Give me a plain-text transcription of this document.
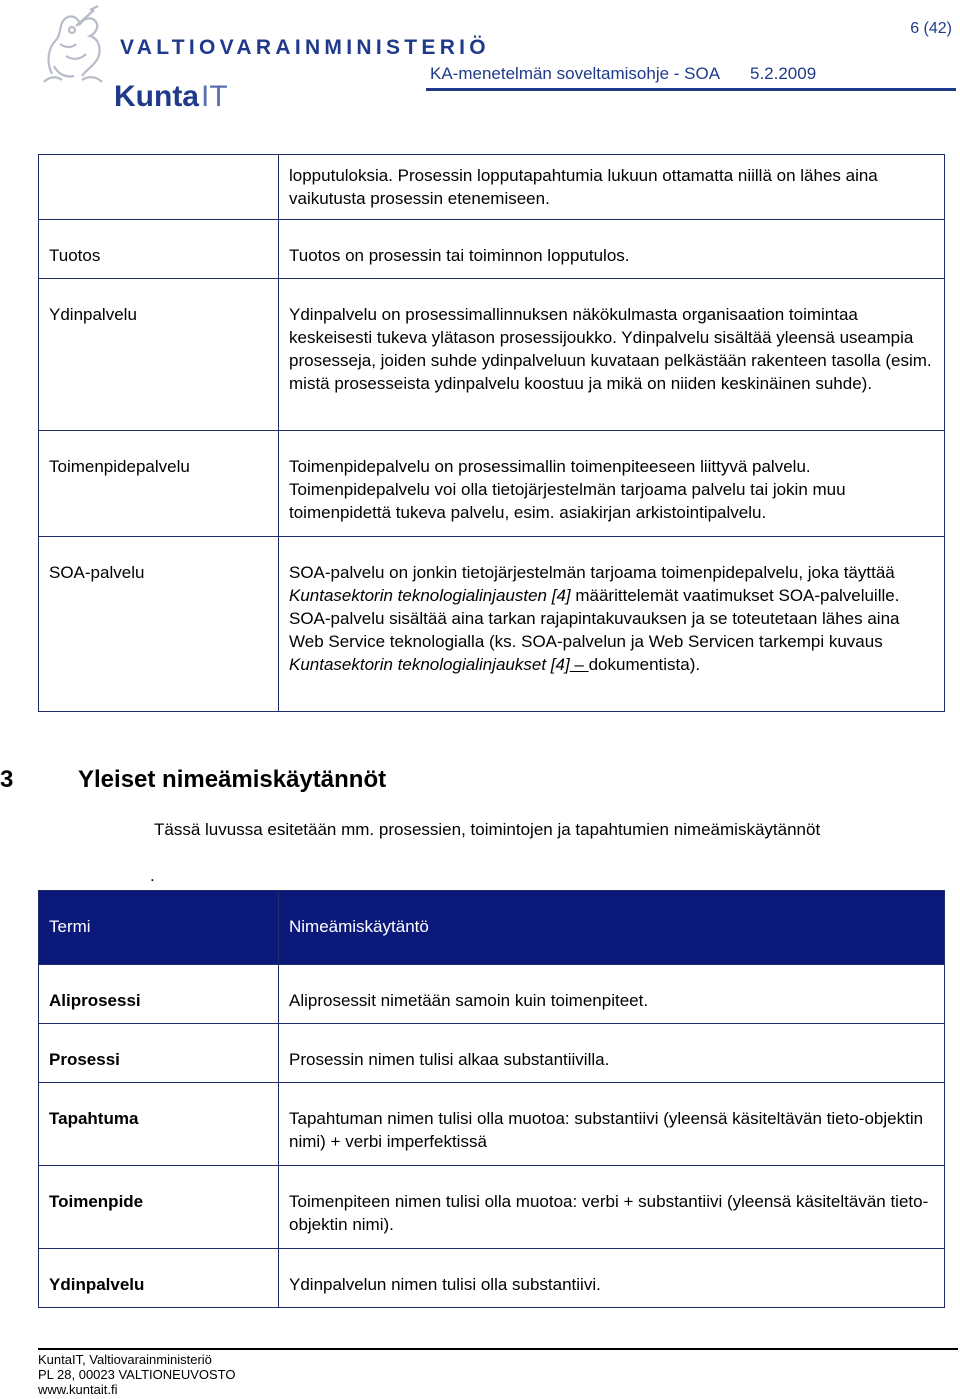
VALTIOVARAINMINISTERIÖ
KuntaIT
6 (42)
KA-menetelmän soveltamisohje - SOA 5.2.2009
	lopputuloksia. Prosessin lopputapahtumia lukuun ottamatta niillä on lähes aina vaikutusta prosessin etenemiseen.
Tuotos	Tuotos on prosessin tai toiminnon lopputulos.
Ydinpalvelu	Ydinpalvelu on prosessimallinnuksen näkökulmasta organisaation toimintaa keskeisesti tukeva ylätason prosessijoukko. Ydinpalvelu sisältää yleensä useampia prosesseja, joiden suhde ydinpalveluun kuvataan pelkästään rakenteen tasolla (esim. mistä prosesseista ydinpalvelu koostuu ja mikä on niiden keskinäinen suhde).
Toimenpidepalvelu	Toimenpidepalvelu on prosessimallin toimenpiteeseen liittyvä palvelu. Toimenpidepalvelu voi olla tietojärjestelmän tarjoama palvelu tai jokin muu toimenpidettä tukeva palvelu, esim. asiakirjan arkistointipalvelu.
SOA-palvelu	SOA-palvelu on jonkin tietojärjestelmän tarjoama toimenpidepalvelu, joka täyttää Kuntasektorin teknologialinjausten [4] määrittelemät vaatimukset SOA-palveluille. SOA-palvelu sisältää aina tarkan rajapintakuvauksen ja se toteutetaan lähes aina Web Service teknologialla (ks. SOA-palvelun ja Web Servicen tarkempi kuvaus Kuntasektorin teknologialinjaukset [4] – dokumentista).
3	Yleiset nimeämiskäytännöt
Tässä luvussa esitetään mm. prosessien, toimintojen ja tapahtumien nimeämiskäytännöt
.
Termi	Nimeämiskäytäntö
Aliprosessi	Aliprosessit nimetään samoin kuin toimenpiteet.
Prosessi	Prosessin nimen tulisi alkaa substantiivilla.
Tapahtuma	Tapahtuman nimen tulisi olla muotoa: substantiivi (yleensä käsiteltävän tieto-objektin nimi) + verbi imperfektissä
Toimenpide	Toimenpiteen nimen tulisi olla muotoa: verbi + substantiivi (yleensä käsiteltävän tieto-objektin nimi).
Ydinpalvelu	Ydinpalvelun nimen tulisi olla substantiivi.
KuntaIT, Valtiovarainministeriö
PL 28, 00023 VALTIONEUVOSTO
www.kuntait.fi
